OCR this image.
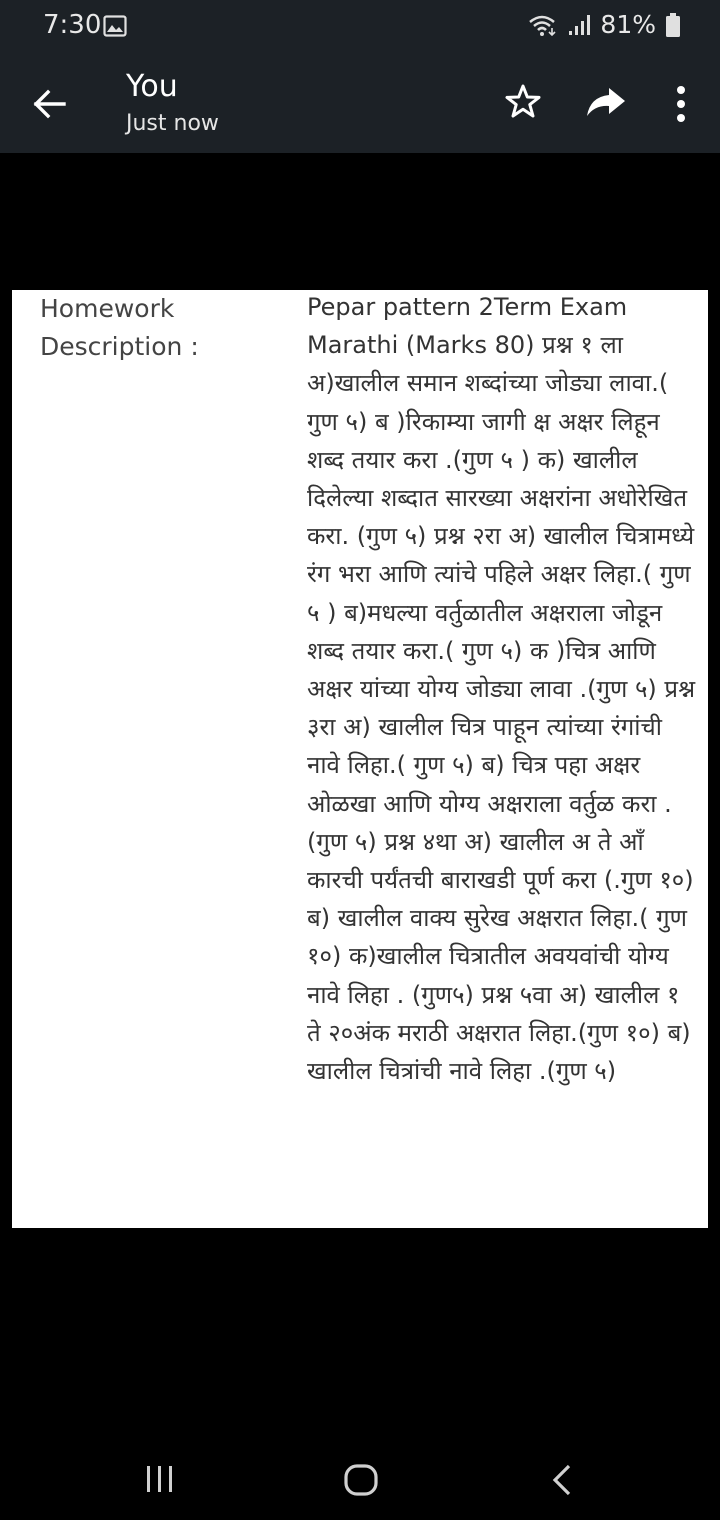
7:30	81%
You
Just now
Homework
Description :
Pepar pattern 2Term Exam Marathi (Marks 80) प्रश्न १ ला अ)खालील समान शब्दांच्या जोड्या लावा.( गुण ५) ब )रिकाम्या जागी क्ष अक्षर लिहून शब्द तयार करा .(गुण ५ ) क) खालील दिलेल्या शब्दात सारख्या अक्षरांना अधोरेखित करा. (गुण ५) प्रश्न २रा अ) खालील चित्रामध्ये रंग भरा आणि त्यांचे पहिले अक्षर लिहा.( गुण ५ ) ब)मधल्या वर्तुळातील अक्षराला जोडून शब्द तयार करा.( गुण ५) क )चित्र आणि अक्षर यांच्या योग्य जोड्या लावा .(गुण ५) प्रश्न ३रा अ) खालील चित्र पाहून त्यांच्या रंगांची नावे लिहा.( गुण ५) ब) चित्र पहा अक्षर ओळखा आणि योग्य अक्षराला वर्तुळ करा .(गुण ५) प्रश्न ४था अ) खालील अ ते आँ कारची पर्यंतची बाराखडी पूर्ण करा (.गुण १०) ब) खालील वाक्य सुरेख अक्षरात लिहा.( गुण १०) क)खालील चित्रातील अवयवांची योग्य नावे लिहा . (गुण५) प्रश्न ५वा अ) खालील १ ते २०अंक मराठी अक्षरात लिहा.(गुण १०) ब) खालील चित्रांची नावे लिहा .(गुण ५)
